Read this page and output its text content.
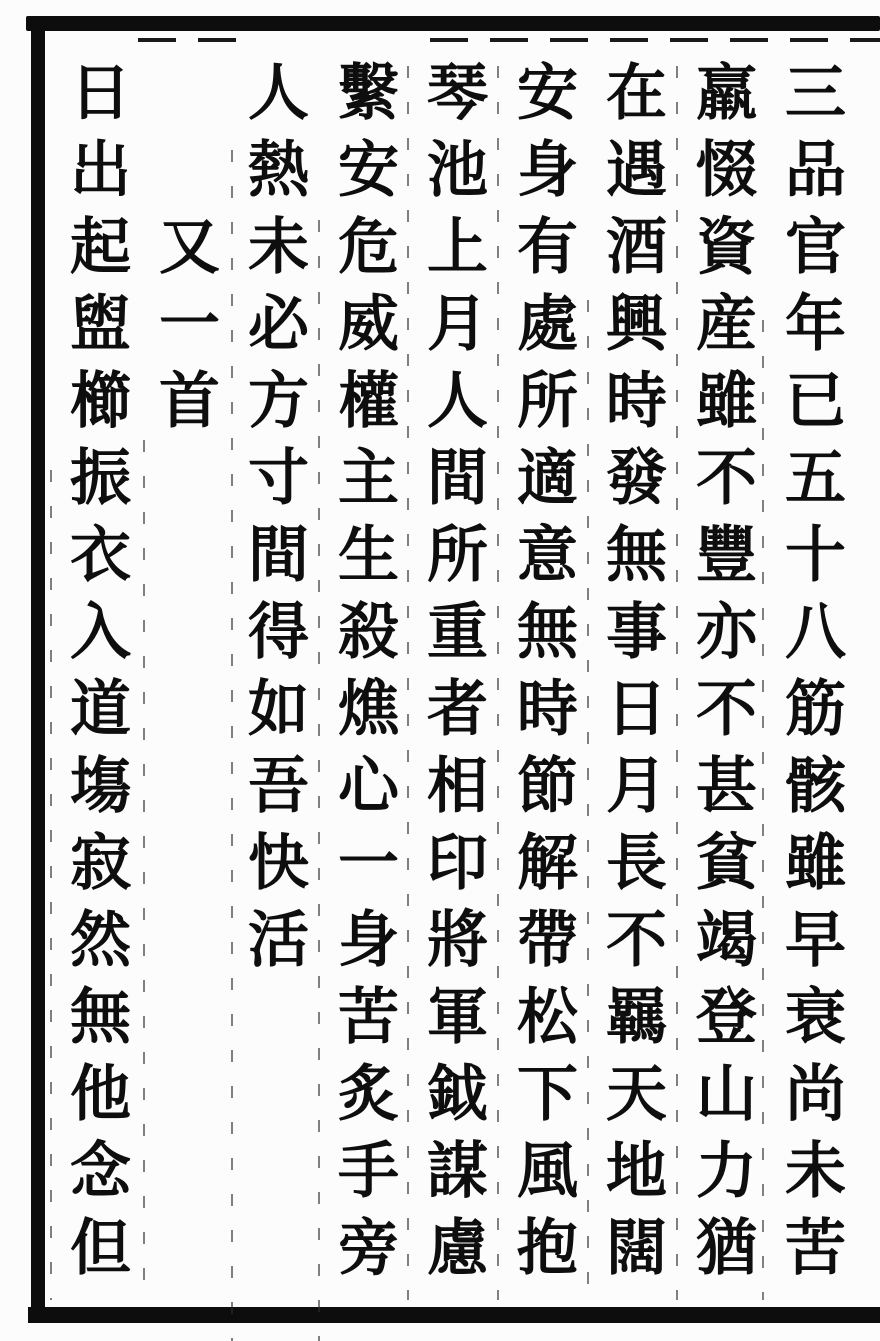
三品官年已五十八筋骸雖早衰尚未苦
羸惙資産雖不豐亦不甚貧竭登山力猶
在遇酒興時發無事日月長不羈天地闊
安身有處所適意無時節解帶松下風抱
琴池上月人間所重者相印將軍鉞謀慮
繫安危威權主生殺燋心一身苦炙手旁
人熱未必方寸間得如吾快活
又一首
日出起盥櫛振衣入道塲寂然無他念但
